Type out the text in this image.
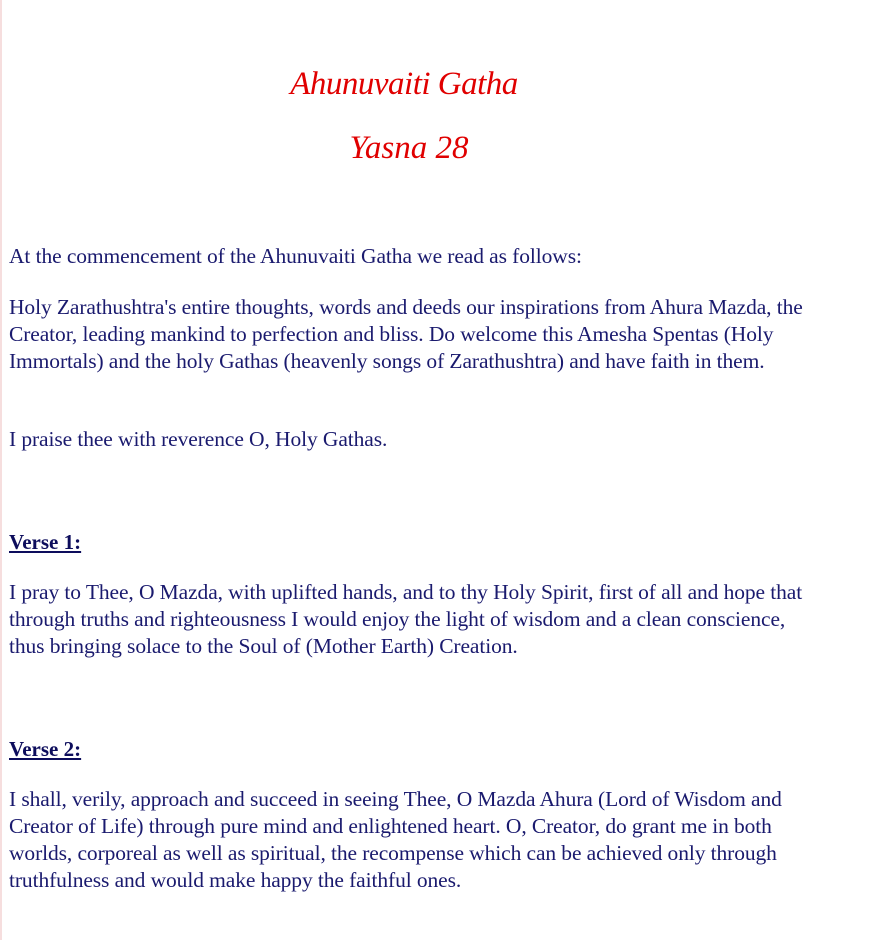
Ahunuvaiti Gatha
Yasna 28

At the commencement of the Ahunuvaiti Gatha we read as follows:

Holy Zarathushtra's entire thoughts, words and deeds our inspirations from Ahura Mazda, the Creator, leading mankind to perfection and bliss. Do welcome this Amesha Spentas (Holy Immortals) and the holy Gathas (heavenly songs of Zarathushtra) and have faith in them.

I praise thee with reverence O, Holy Gathas.

Verse 1:

I pray to Thee, O Mazda, with uplifted hands, and to thy Holy Spirit, first of all and hope that through truths and righteousness I would enjoy the light of wisdom and a clean conscience, thus bringing solace to the Soul of (Mother Earth) Creation.

Verse 2:

I shall, verily, approach and succeed in seeing Thee, O Mazda Ahura (Lord of Wisdom and Creator of Life) through pure mind and enlightened heart. O, Creator, do grant me in both worlds, corporeal as well as spiritual, the recompense which can be achieved only through truthfulness and would make happy the faithful ones.
